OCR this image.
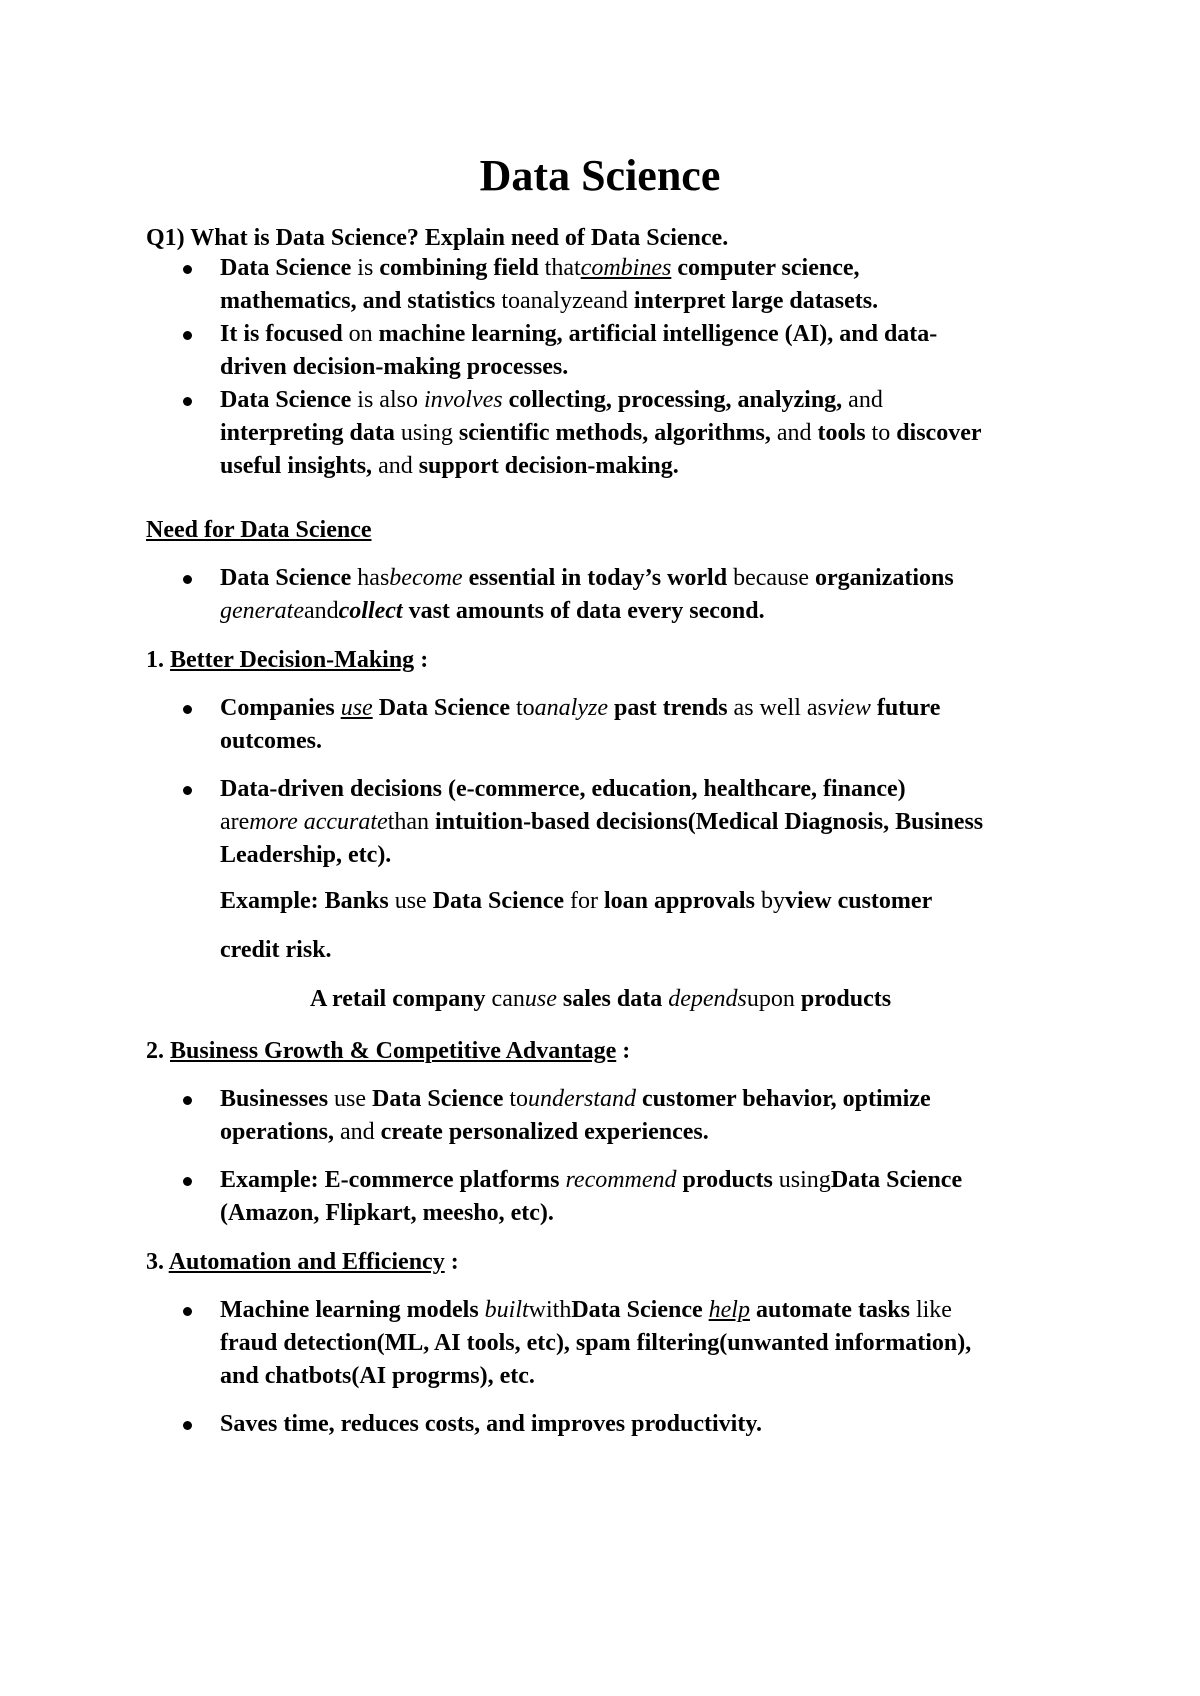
Data Science
Q1) What is Data Science? Explain need of Data Science.
Data Science is combining field thatcombines computer science,
mathematics, and statistics toanalyzeand interpret large datasets.
It is focused on machine learning, artificial intelligence (AI), and data-
driven decision-making processes.
Data Science is also involves collecting, processing, analyzing, and
interpreting data using scientific methods, algorithms, and tools to discover
useful insights, and support decision-making.
Need for Data Science
Data Science hasbecome essential in today’s world because organizations
generateandcollect vast amounts of data every second.
1. Better Decision-Making :
Companies use Data Science toanalyze past trends as well asview future
outcomes.
Data-driven decisions (e-commerce, education, healthcare, finance)
aremore accuratethan intuition-based decisions(Medical Diagnosis, Business
Leadership, etc).
Example: Banks use Data Science for loan approvals byview customer
credit risk.
A retail company canuse sales data dependsupon products
2. Business Growth & Competitive Advantage :
Businesses use Data Science tounderstand customer behavior, optimize
operations, and create personalized experiences.
Example: E-commerce platforms recommend products usingData Science
(Amazon, Flipkart, meesho, etc).
3. Automation and Efficiency :
Machine learning models builtwithData Science help automate tasks like
fraud detection(ML, AI tools, etc), spam filtering(unwanted information),
and chatbots(AI progrms), etc.
Saves time, reduces costs, and improves productivity.
